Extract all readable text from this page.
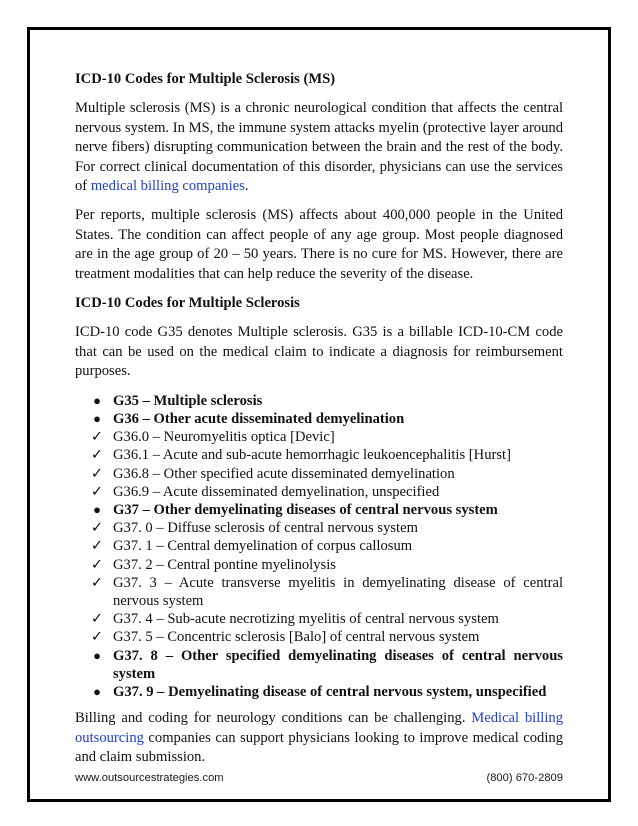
ICD-10 Codes for Multiple Sclerosis (MS)

Multiple sclerosis (MS) is a chronic neurological condition that affects the central nervous system. In MS, the immune system attacks myelin (protective layer around nerve fibers) disrupting communication between the brain and the rest of the body. For correct clinical documentation of this disorder, physicians can use the services of medical billing companies.

Per reports, multiple sclerosis (MS) affects about 400,000 people in the United States. The condition can affect people of any age group. Most people diagnosed are in the age group of 20 – 50 years. There is no cure for MS. However, there are treatment modalities that can help reduce the severity of the disease.

ICD-10 Codes for Multiple Sclerosis

ICD-10 code G35 denotes Multiple sclerosis. G35 is a billable ICD-10-CM code that can be used on the medical claim to indicate a diagnosis for reimbursement purposes.

● G35 – Multiple sclerosis
● G36 – Other acute disseminated demyelination
✓ G36.0 – Neuromyelitis optica [Devic]
✓ G36.1 – Acute and sub-acute hemorrhagic leukoencephalitis [Hurst]
✓ G36.8 – Other specified acute disseminated demyelination
✓ G36.9 – Acute disseminated demyelination, unspecified
● G37 – Other demyelinating diseases of central nervous system
✓ G37. 0 – Diffuse sclerosis of central nervous system
✓ G37. 1 – Central demyelination of corpus callosum
✓ G37. 2 – Central pontine myelinolysis
✓ G37. 3 – Acute transverse myelitis in demyelinating disease of central nervous system
✓ G37. 4 – Sub-acute necrotizing myelitis of central nervous system
✓ G37. 5 – Concentric sclerosis [Balo] of central nervous system
● G37. 8 – Other specified demyelinating diseases of central nervous system
● G37. 9 – Demyelinating disease of central nervous system, unspecified

Billing and coding for neurology conditions can be challenging. Medical billing outsourcing companies can support physicians looking to improve medical coding and claim submission.

www.outsourcestrategies.com	(800) 670-2809
